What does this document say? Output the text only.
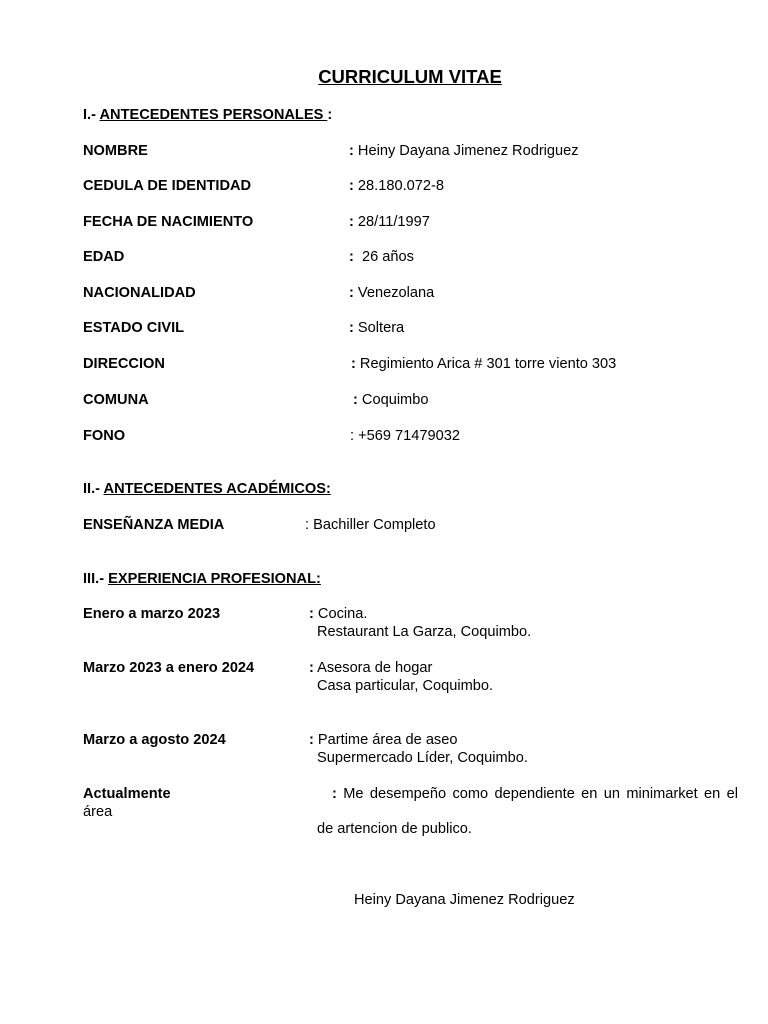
CURRICULUM VITAE
I.- ANTECEDENTES PERSONALES :
NOMBRE	: Heiny Dayana Jimenez Rodriguez
CEDULA DE IDENTIDAD	: 28.180.072-8
FECHA DE NACIMIENTO	: 28/11/1997
EDAD	:  26 años
NACIONALIDAD	: Venezolana
ESTADO CIVIL	: Soltera
DIRECCION	: Regimiento Arica # 301 torre viento 303
COMUNA	: Coquimbo
FONO	: +569 71479032
II.- ANTECEDENTES ACADÉMICOS:
ENSEÑANZA MEDIA	: Bachiller Completo
III.- EXPERIENCIA PROFESIONAL:
Enero a marzo 2023	: Cocina.
Restaurant La Garza, Coquimbo.
Marzo 2023 a enero 2024	: Asesora de hogar
Casa particular, Coquimbo.
Marzo a agosto 2024	: Partime área de aseo
Supermercado Líder, Coquimbo.
Actualmente	: Me desempeño como dependiente en un minimarket en el
área
de artencion de publico.
Heiny Dayana Jimenez Rodriguez
